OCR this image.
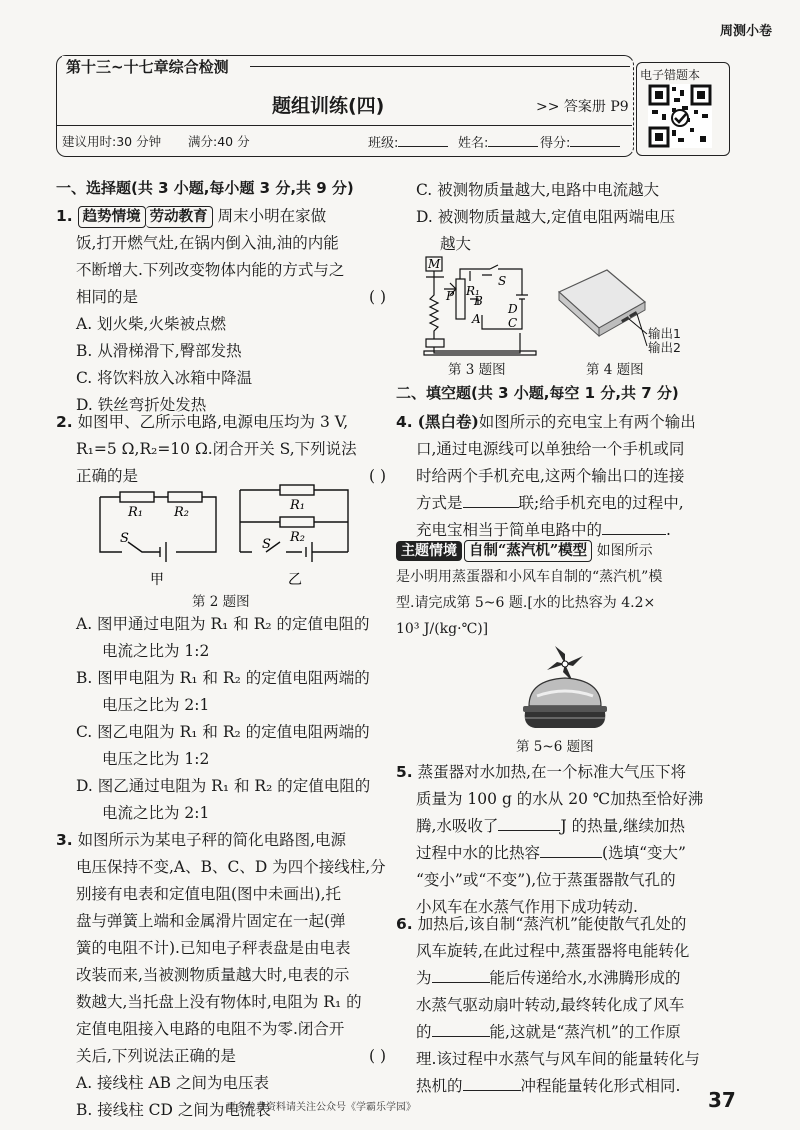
周测小卷
第十三~十七章综合检测
题组训练(四)	>> 答案册 P9
建议用时:30 分钟 满分:40 分	班级:	姓名:	得分:
电子错题本
一、选择题(共 3 小题,每小题 3 分,共 9 分)

1. 趋势情境 劳动教育 周末小明在家做

饭,打开燃气灶,在锅内倒入油,油的内能

不断增大.下列改变物体内能的方式与之

相同的是	( )

A. 划火柴,火柴被点燃

B. 从滑梯滑下,臀部发热

C. 将饮料放入冰箱中降温

D. 铁丝弯折处发热

2. 如图甲、乙所示电路,电源电压均为 3 V,

R₁=5 Ω,R₂=10 Ω.闭合开关 S,下列说法

正确的是	( )

R₁ R₂
S
R₁
R₂
S
甲	乙
第 2 题图

A. 图甲通过电阻为 R₁ 和 R₂ 的定值电阻的

电流之比为 1:2

B. 图甲电阻为 R₁ 和 R₂ 的定值电阻两端的

电压之比为 2:1

C. 图乙电阻为 R₁ 和 R₂ 的定值电阻两端的

电压之比为 1:2

D. 图乙通过电阻为 R₁ 和 R₂ 的定值电阻的

电流之比为 2:1

3. 如图所示为某电子秤的简化电路图,电源

电压保持不变,A、B、C、D 为四个接线柱,分

别接有电表和定值电阻(图中未画出),托

盘与弹簧上端和金属滑片固定在一起(弹

簧的电阻不计).已知电子秤表盘是由电表

改装而来,当被测物质量越大时,电表的示

数越大,当托盘上没有物体时,电阻为 R₁ 的

定值电阻接入电路的电阻不为零.闭合开

关后,下列说法正确的是	( )

A. 接线柱 AB 之间为电压表

B. 接线柱 CD 之间为电流表

C. 被测物质量越大,电路中电流越大

D. 被测物质量越大,定值电阻两端电压

越大

M
P R₁
B
A
S
D
C
第 3 题图
输出1
输出2
第 4 题图
二、填空题(共 3 小题,每空 1 分,共 7 分)

4. (黑白卷)如图所示的充电宝上有两个输出

口,通过电源线可以单独给一个手机或同

时给两个手机充电,这两个输出口的连接

方式是	联;给手机充电的过程中,

充电宝相当于简单电路中的	.

主题情境 自制“蒸汽机”模型 如图所示
是小明用蒸蛋器和小风车自制的“蒸汽机”模
型.请完成第 5~6 题.[水的比热容为 4.2×
10³ J/(kg·℃)]
第 5~6 题图

5. 蒸蛋器对水加热,在一个标准大气压下将

质量为 100 g 的水从 20 ℃加热至恰好沸

腾,水吸收了	J 的热量,继续加热

过程中水的比热容	(选填“变大”

“变小”或“不变”),位于蒸蛋器散气孔的

小风车在水蒸气作用下成功转动.

6. 加热后,该自制“蒸汽机”能使散气孔处的

风车旋转,在此过程中,蒸蛋器将电能转化

为	能后传递给水,水沸腾形成的

水蒸气驱动扇叶转动,最终转化成了风车

的	能,这就是“蒸汽机”的工作原

理.该过程中水蒸气与风车间的能量转化与

热机的	冲程能量转化形式相同.

更多免费资料请关注公众号《学霸乐学园》	37
